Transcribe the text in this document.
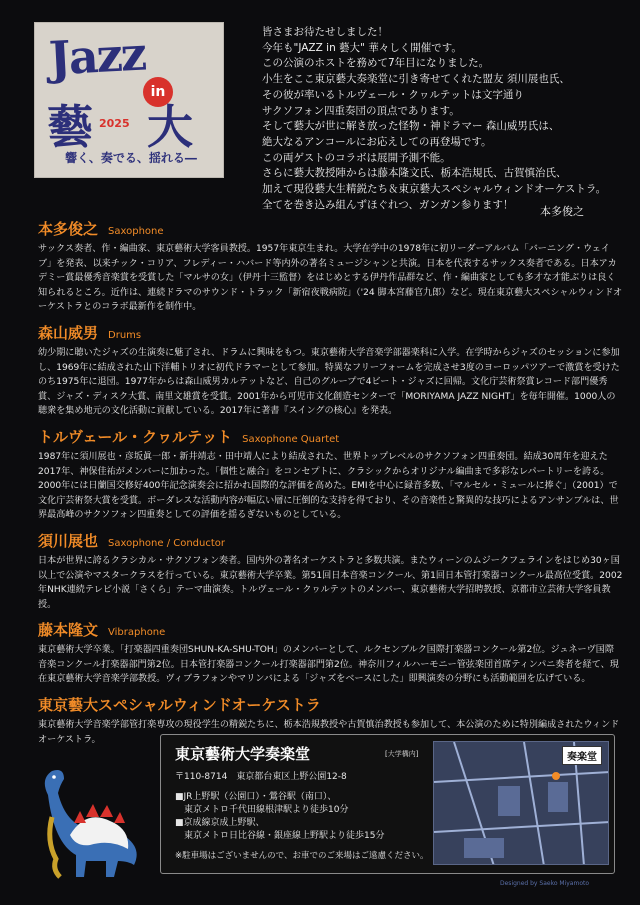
Jazz
in
藝 2025 大
響く、奏でる、揺れる―
皆さまお待たせしました！
今年も"JAZZ in 藝大" 華々しく開催です。
この公演のホストを務めて7年目になりました。
小生をここ東京藝大奏楽堂に引き寄せてくれた盟友 須川展也氏、
その彼が率いるトルヴェール・クヮルテットは文字通り
サクソフォン四重奏団の頂点であります。
そして藝大が世に解き放った怪物・神ドラマー 森山威男氏は、
絶大なるアンコールにお応えしての再登場です。
この両ゲストのコラボは展開予測不能。
さらに藝大教授陣からは藤本隆文氏、栃本浩規氏、古賀慎治氏、
加えて現役藝大生精鋭たち＆東京藝大スペシャルウィンドオーケストラ。
全てを巻き込み組んずほぐれつ、ガンガン参ります！
本多俊之
本多俊之 Saxophone
サックス奏者、作・編曲家、東京藝術大学客員教授。1957年東京生まれ。大学在学中の1978年に初リーダーアルバム「バーニング・ウェイブ」を発表、以来チック・コリア、フレディー・ハバード等内外の著名ミュージシャンと共演。日本を代表するサックス奏者である。日本アカデミー賞最優秀音楽賞を受賞した「マルサの女」（伊丹十三監督）をはじめとする伊丹作品群など、作・編曲家としても多才な才能ぶりは良く知られるところ。近作は、連続ドラマのサウンド・トラック「新宿夜戦病院」（'24 脚本宮藤官九郎）など。現在東京藝大スペシャルウィンドオーケストラとのコラボ最新作を制作中。
森山威男 Drums
幼少期に聴いたジャズの生演奏に魅了され、ドラムに興味をもつ。東京藝術大学音楽学部器楽科に入学。在学時からジャズのセッションに参加し、1969年に結成された山下洋輔トリオに初代ドラマーとして参加。特異なフリーフォームを完成させ3度のヨーロッパツアーで激賞を受けたのち1975年に退団。1977年からは森山威男カルテットなど、自己のグループで4ビート・ジャズに回帰。文化庁芸術祭賞レコード部門優秀賞、ジャズ・ディスク大賞、南里文雄賞を受賞。2001年から可児市文化創造センターで「MORIYAMA JAZZ NIGHT」を毎年開催。1000人の聴衆を集め地元の文化活動に貢献している。2017年に著書『スイングの核心』を発表。
トルヴェール・クヮルテット Saxophone Quartet
1987年に須川展也・彦坂眞一郎・新井靖志・田中靖人により結成された、世界トップレベルのサクソフォン四重奏団。結成30周年を迎えた2017年、神保佳祐がメンバーに加わった。「個性と融合」をコンセプトに、クラシックからオリジナル編曲まで多彩なレパートリーを誇る。2000年には日蘭国交修好400年記念演奏会に招かれ国際的な評価を高めた。EMIを中心に録音多数、「マルセル・ミュールに捧ぐ」（2001）で文化庁芸術祭大賞を受賞。ボーダレスな活動内容が幅広い層に圧倒的な支持を得ており、その音楽性と驚異的な技巧によるアンサンブルは、世界最高峰のサクソフォン四重奏としての評価を揺るぎないものとしている。
須川展也 Saxophone / Conductor
日本が世界に誇るクラシカル・サクソフォン奏者。国内外の著名オーケストラと多数共演。またウィーンのムジークフェラインをはじめ30ヶ国以上で公演やマスタークラスを行っている。東京藝術大学卒業。第51回日本音楽コンクール、第1回日本管打楽器コンクール最高位受賞。2002年NHK連続テレビ小説「さくら」テーマ曲演奏。トルヴェール・クヮルテットのメンバー、東京藝術大学招聘教授、京都市立芸術大学客員教授。
藤本隆文 Vibraphone
東京藝術大学卒業。「打楽器四重奏団SHUN-KA-SHU-TOH」のメンバーとして、ルクセンブルク国際打楽器コンクール第2位。ジュネーヴ国際音楽コンクール打楽器部門第2位。日本管打楽器コンクール打楽器部門第2位。神奈川フィルハーモニー管弦楽団首席ティンパニ奏者を経て、現在東京藝術大学音楽学部教授。ヴィブラフォンやマリンバによる「ジャズをベースにした」即興演奏の分野にも活動範囲を広げている。
東京藝大スペシャルウィンドオーケストラ
東京藝術大学音楽学部管打楽専攻の現役学生の精鋭たちに、栃本浩規教授や古賀慎治教授も参加して、本公演のために特別編成されたウィンドオーケストラ。
東京藝術大学奏楽堂	[大学構内]
〒110-8714　東京都台東区上野公園12-8
■JR上野駅（公園口）・鶯谷駅（南口）、
　東京メトロ千代田線根津駅より徒歩10分
■京成線京成上野駅、
　東京メトロ日比谷線・銀座線上野駅より徒歩15分
※駐車場はございませんので、お車でのご来場はご遠慮ください。
奏楽堂
Designed by Saeko Miyamoto
